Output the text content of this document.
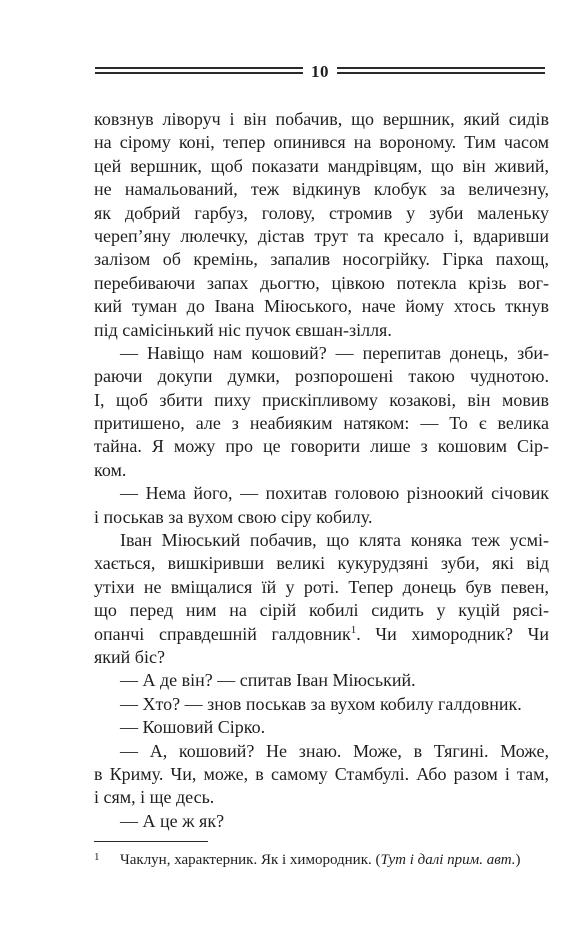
10
ковзнув ліворуч і він побачив, що вершник, який сидів
на сірому коні, тепер опинився на вороному. Тим часом
цей вершник, щоб показати мандрівцям, що він живий,
не намальований, теж відкинув клобук за величезну,
як добрий гарбуз, голову, стромив у зуби маленьку
череп’яну люлечку, дістав трут та кресало і, вдаривши
залізом об кремінь, запалив носогрійку. Гірка пахощ,
перебиваючи запах дьогтю, цівкою потекла крізь вог-
кий туман до Івана Міюського, наче йому хтось ткнув
під самісінький ніс пучок євшан-зілля.
— Навіщо нам кошовий? — перепитав донець, зби-
раючи докупи думки, розпорошені такою чуднотою.
І, щоб збити пиху прискіпливому козакові, він мовив
притишено, але з неабияким натяком: — То є велика
тайна. Я можу про це говорити лише з кошовим Сір-
ком.
— Нема його, — похитав головою різноокий січовик
і поськав за вухом свою сіру кобилу.
Іван Міюський побачив, що клята коняка теж усмі-
хається, вишкіривши великі кукурудзяні зуби, які від
утіхи не вміщалися їй у роті. Тепер донець був певен,
що перед ним на сірій кобилі сидить у куцій рясі-
опанчі справдешній галдовник$^1$. Чи химородник? Чи
який біс?
— А де він? — спитав Іван Міюський.
— Хто? — знов поськав за вухом кобилу галдовник.
— Кошовий Сірко.
— А, кошовий? Не знаю. Може, в Тягині. Може,
в Криму. Чи, може, в самому Стамбулі. Або разом і там,
і сям, і ще десь.
— А це ж як?
1 Чаклун, характерник. Як і химородник. (Тут і далі прим. авт.)
